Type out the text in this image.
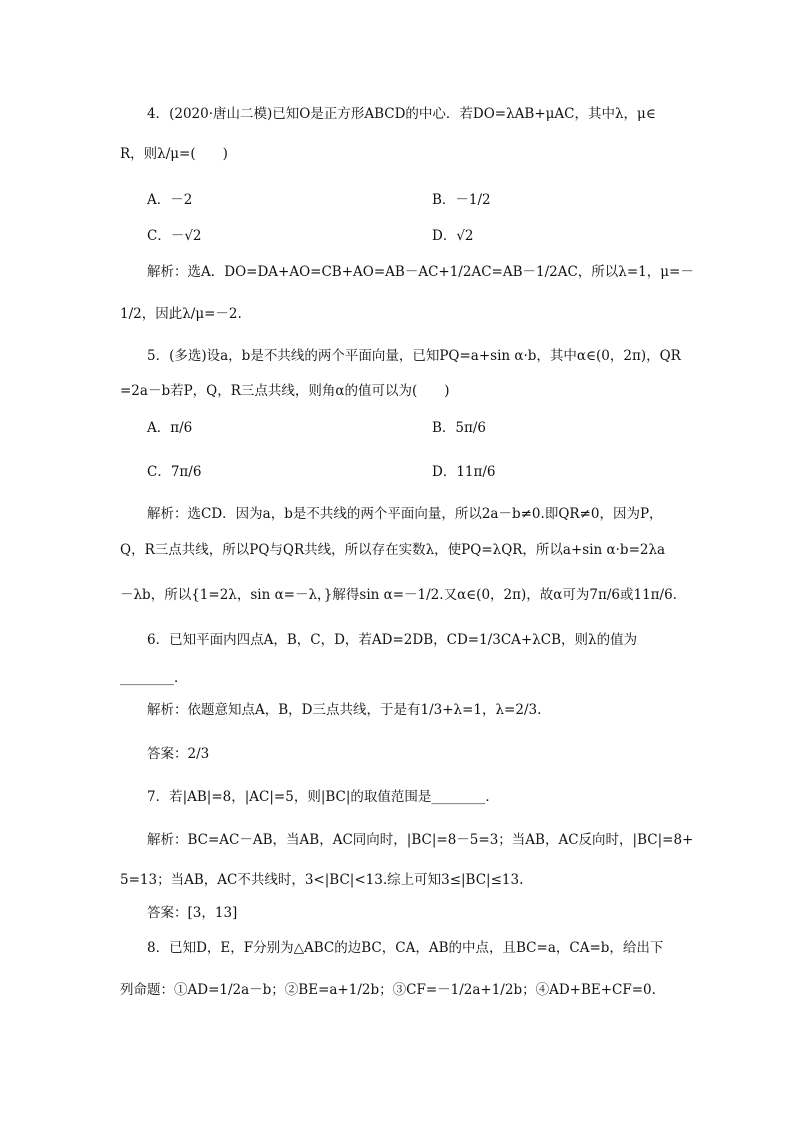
4．(2020·唐山二模)已知O是正方形ABCD的中心．若DO=λAB+μAC，其中λ，μ∈
R，则λ/μ=(　　)
A．－2	B．－1/2
C．－√2	D．√2
解析：选A．DO=DA+AO=CB+AO=AB－AC+1/2AC=AB－1/2AC，所以λ=1，μ=－
1/2，因此λ/μ=－2.
5．(多选)设a，b是不共线的两个平面向量，已知PQ=a+sin α·b，其中α∈(0，2π)，QR
=2a－b若P，Q，R三点共线，则角α的值可以为(　　)
A．π/6	B．5π/6
C．7π/6	D．11π/6
解析：选CD．因为a，b是不共线的两个平面向量，所以2a－b≠0.即QR≠0，因为P，
Q，R三点共线，所以PQ与QR共线，所以存在实数λ，使PQ=λQR，所以a+sin α·b=2λa
－λb，所以{1=2λ，sin α=－λ，}解得sin α=－1/2.又α∈(0，2π)，故α可为7π/6或11π/6.
6．已知平面内四点A，B，C，D，若AD=2DB，CD=1/3CA+λCB，则λ的值为
________．
解析：依题意知点A，B，D三点共线，于是有1/3+λ=1，λ=2/3.
答案：2/3
7．若|AB|=8，|AC|=5，则|BC|的取值范围是________．
解析：BC=AC－AB，当AB，AC同向时，|BC|=8－5=3；当AB，AC反向时，|BC|=8+
5=13；当AB，AC不共线时，3<|BC|<13.综上可知3≤|BC|≤13.
答案：[3，13]
8．已知D，E，F分别为△ABC的边BC，CA，AB的中点，且BC=a，CA=b，给出下
列命题：①AD=1/2a－b；②BE=a+1/2b；③CF=－1/2a+1/2b；④AD+BE+CF=0.
